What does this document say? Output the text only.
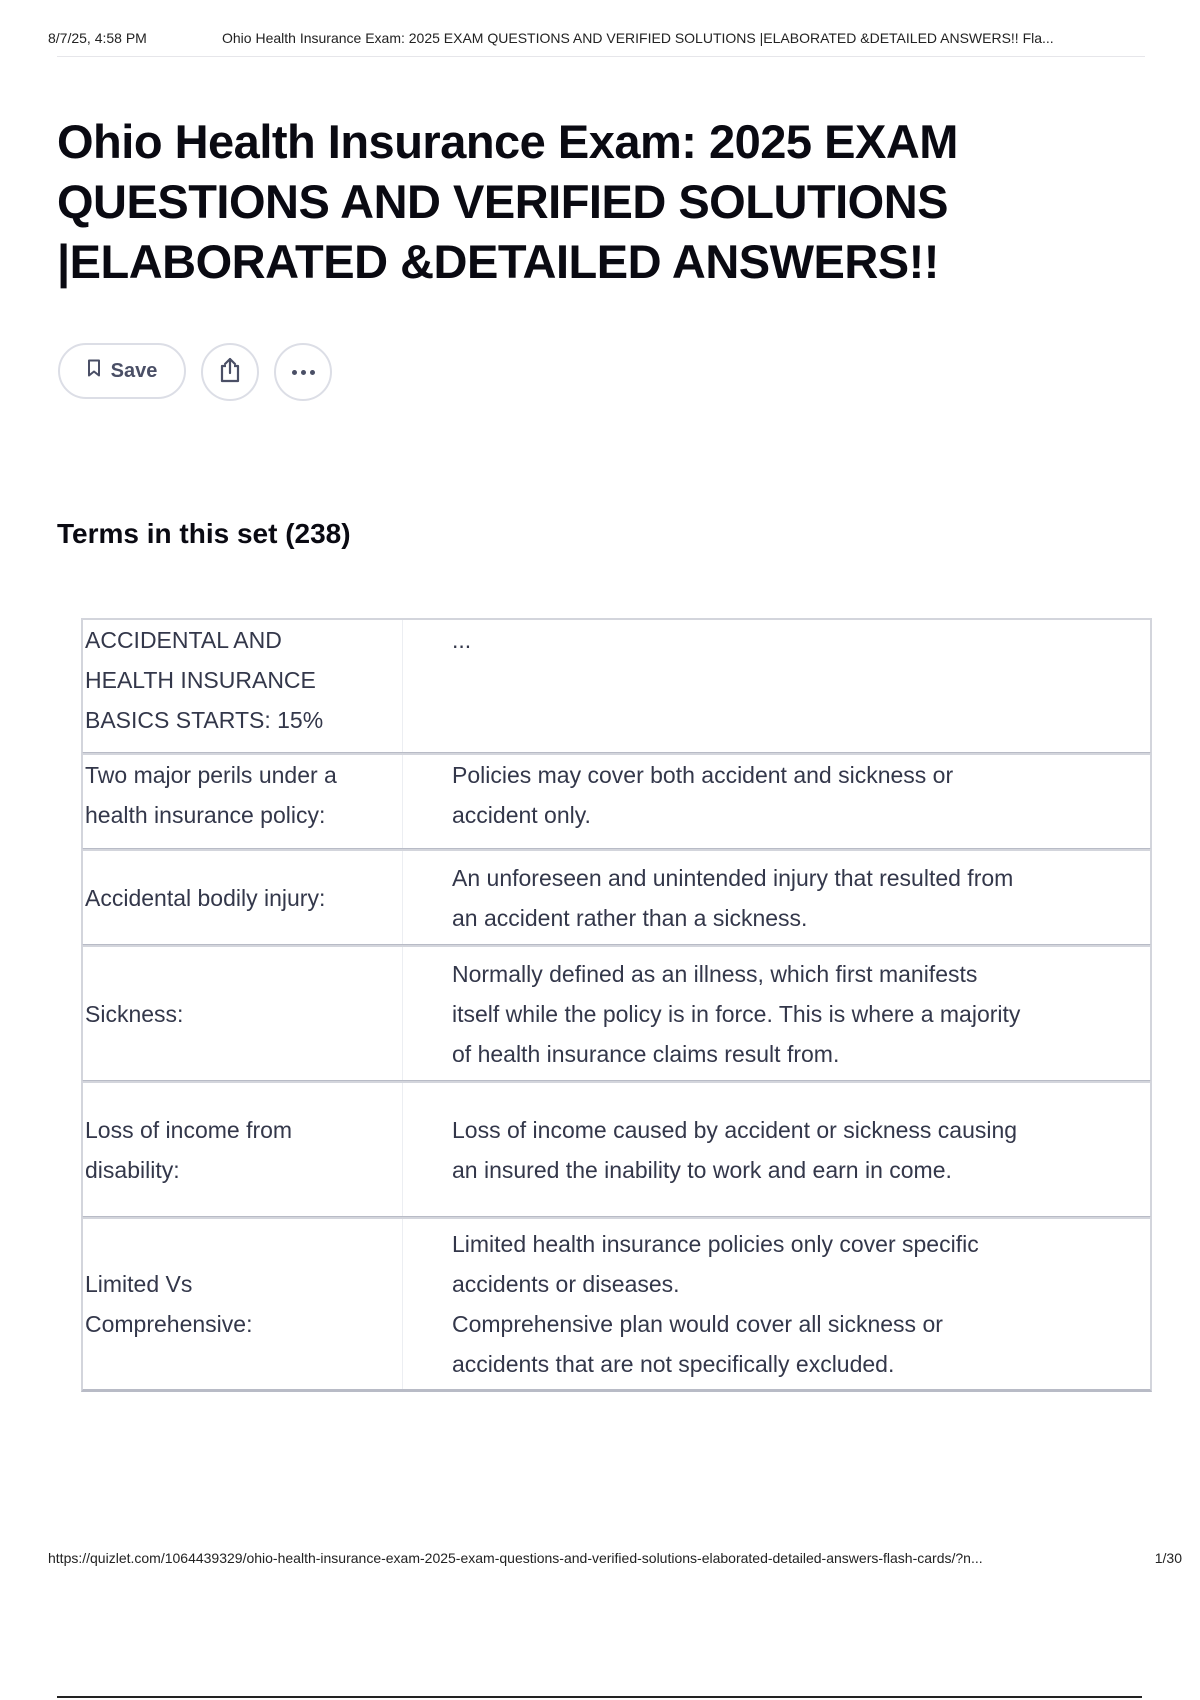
8/7/25, 4:58 PM	Ohio Health Insurance Exam: 2025 EXAM QUESTIONS AND VERIFIED SOLUTIONS |ELABORATED &DETAILED ANSWERS!! Fla...
Ohio Health Insurance Exam: 2025 EXAM QUESTIONS AND VERIFIED SOLUTIONS |ELABORATED &DETAILED ANSWERS!!
Save
Terms in this set (238)
ACCIDENTAL AND HEALTH INSURANCE BASICS STARTS: 15%
...
Two major perils under a health insurance policy:
Policies may cover both accident and sickness or accident only.
Accidental bodily injury:
An unforeseen and unintended injury that resulted from an accident rather than a sickness.
Sickness:
Normally defined as an illness, which first manifests itself while the policy is in force. This is where a majority of health insurance claims result from.
Loss of income from disability:
Loss of income caused by accident or sickness causing an insured the inability to work and earn in come.
Limited Vs Comprehensive:
Limited health insurance policies only cover specific accidents or diseases.
Comprehensive plan would cover all sickness or accidents that are not specifically excluded.
https://quizlet.com/1064439329/ohio-health-insurance-exam-2025-exam-questions-and-verified-solutions-elaborated-detailed-answers-flash-cards/?n...	1/30
